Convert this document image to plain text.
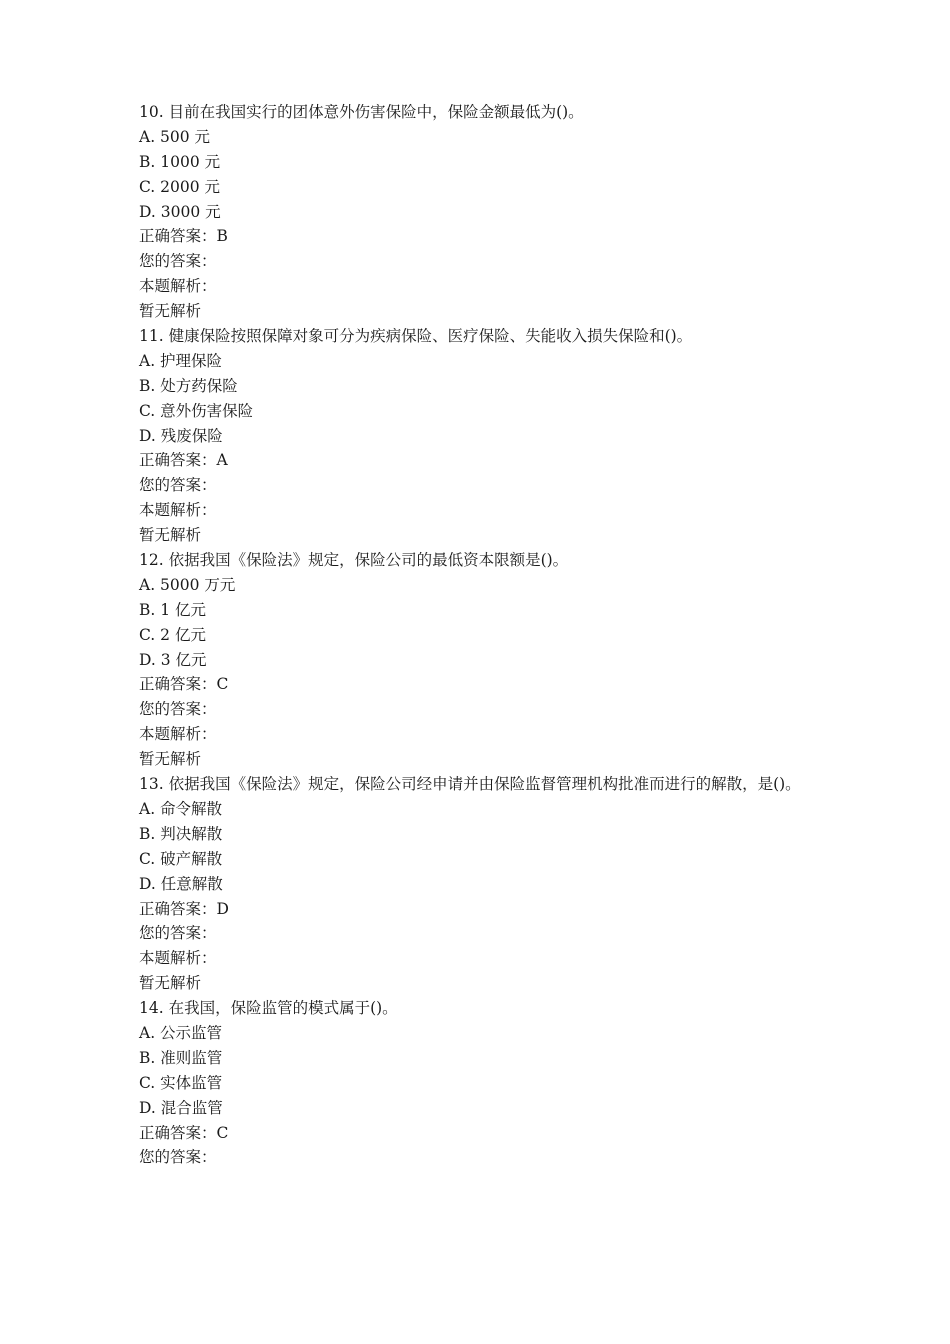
10. 目前在我国实行的团体意外伤害保险中，保险金额最低为()。
A. 500 元
B. 1000 元
C. 2000 元
D. 3000 元
正确答案：B
您的答案：
本题解析：
暂无解析
11. 健康保险按照保障对象可分为疾病保险、医疗保险、失能收入损失保险和()。
A. 护理保险
B. 处方药保险
C. 意外伤害保险
D. 残废保险
正确答案：A
您的答案：
本题解析：
暂无解析
12. 依据我国《保险法》规定，保险公司的最低资本限额是()。
A. 5000 万元
B. 1 亿元
C. 2 亿元
D. 3 亿元
正确答案：C
您的答案：
本题解析：
暂无解析
13. 依据我国《保险法》规定，保险公司经申请并由保险监督管理机构批准而进行的解散，是()。
A. 命令解散
B. 判决解散
C. 破产解散
D. 任意解散
正确答案：D
您的答案：
本题解析：
暂无解析
14. 在我国，保险监管的模式属于()。
A. 公示监管
B. 准则监管
C. 实体监管
D. 混合监管
正确答案：C
您的答案：
